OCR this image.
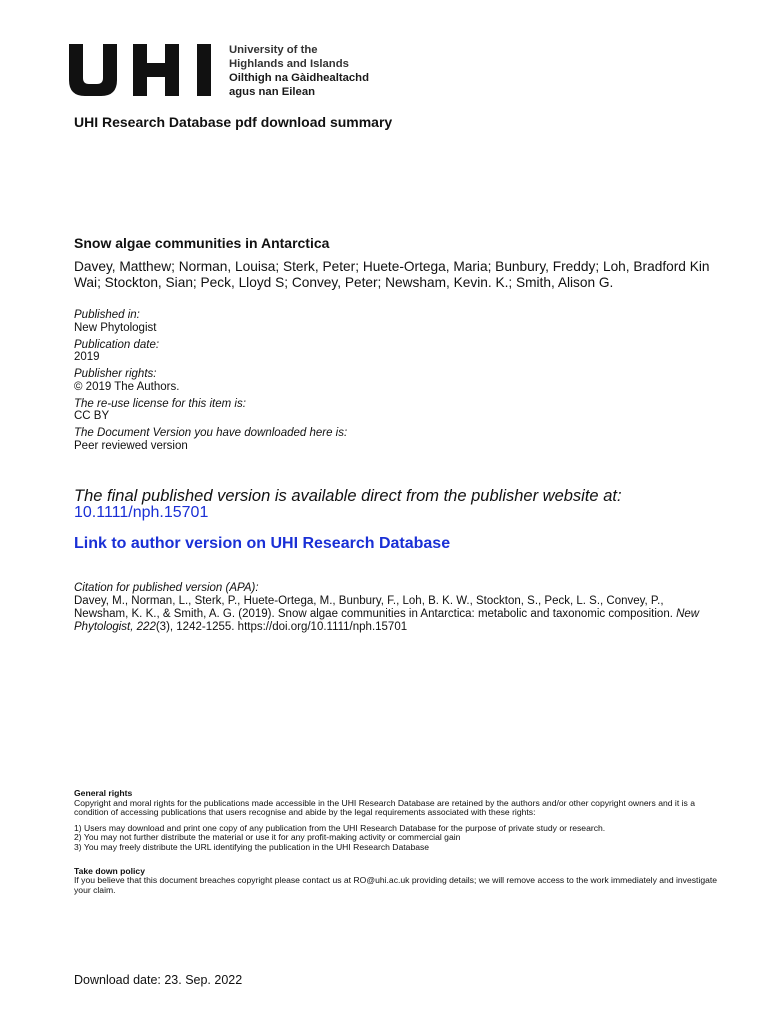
University of the
Highlands and Islands
Oilthigh na Gàidhealtachd
agus nan Eilean
UHI Research Database pdf download summary
Snow algae communities in Antarctica
Davey, Matthew; Norman, Louisa; Sterk, Peter; Huete-Ortega, Maria; Bunbury, Freddy; Loh, Bradford Kin Wai; Stockton, Sian; Peck, Lloyd S; Convey, Peter; Newsham, Kevin. K.; Smith, Alison G.
Published in:
New Phytologist
Publication date:
2019
Publisher rights:
© 2019 The Authors.
The re-use license for this item is:
CC BY
The Document Version you have downloaded here is:
Peer reviewed version
The final published version is available direct from the publisher website at:
10.1111/nph.15701
Link to author version on UHI Research Database
Citation for published version (APA):
Davey, M., Norman, L., Sterk, P., Huete-Ortega, M., Bunbury, F., Loh, B. K. W., Stockton, S., Peck, L. S., Convey, P., Newsham, K. K., & Smith, A. G. (2019). Snow algae communities in Antarctica: metabolic and taxonomic composition. New Phytologist, 222(3), 1242-1255. https://doi.org/10.1111/nph.15701

General rights
Copyright and moral rights for the publications made accessible in the UHI Research Database are retained by the authors and/or other copyright owners and it is a condition of accessing publications that users recognise and abide by the legal requirements associated with these rights:

1) Users may download and print one copy of any publication from the UHI Research Database for the purpose of private study or research.
2) You may not further distribute the material or use it for any profit-making activity or commercial gain
3) You may freely distribute the URL identifying the publication in the UHI Research Database

Take down policy
If you believe that this document breaches copyright please contact us at RO@uhi.ac.uk providing details; we will remove access to the work immediately and investigate your claim.

Download date: 23. Sep. 2022
